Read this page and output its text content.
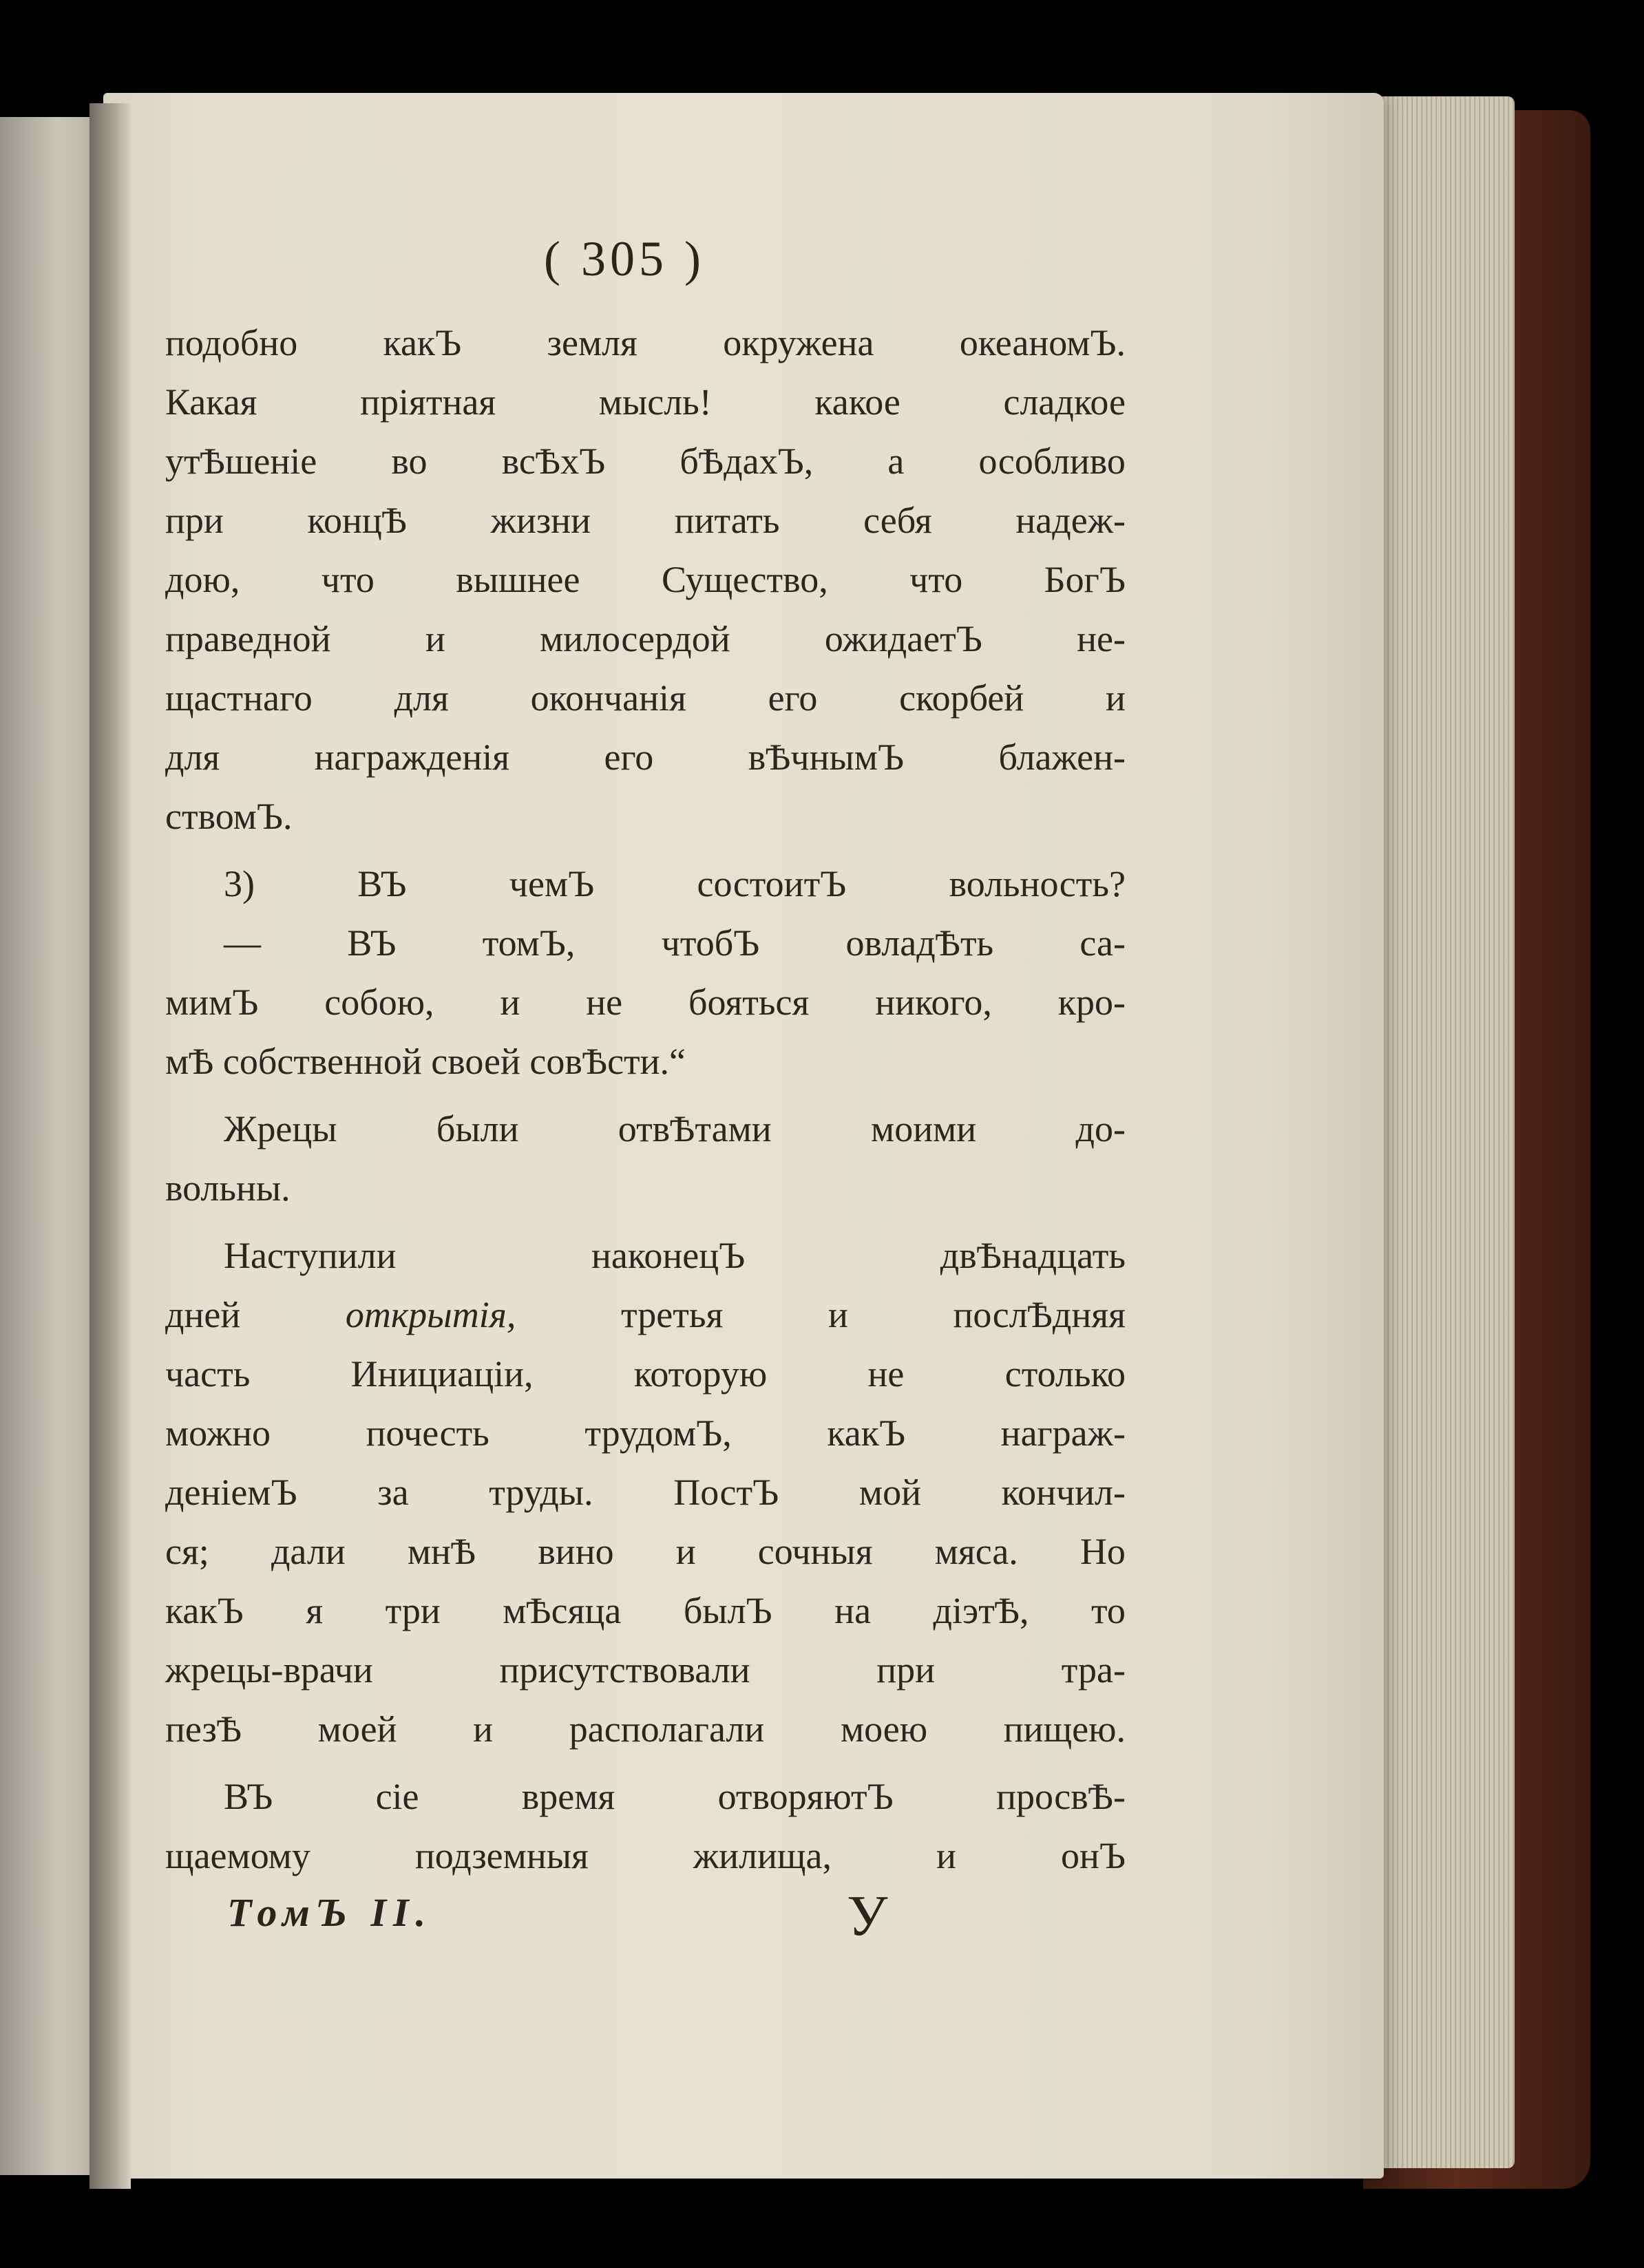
( 305 )
подобно какЪ земля окружена океаномЪ.
Какая	пріятная	мысль!	какое	сладкое
утѢшеніе во всѢхЪ бѢдахЪ, а особливо
при концѢ жизни питать себя надеж-
дою, что вышнее Существо, что БогЪ
праведной	и	милосердой	ожидаетЪ	не-
щастнаго для окончанія его скорбей и
для	награжденія	его	вѢчнымЪ	блажен-
ствомЪ.
3)	ВЪ	чемЪ	состоитЪ	вольность?
— ВЪ томЪ, чтобЪ овладѢть са-
мимЪ собою, и не бояться никого, кро-
мѢ
собственной
своей
совѢсти.“
Жрецы	были	отвѢтами	моими	до-
вольны.
Наступили	наконецЪ	двѢнадцать
дней	открытія,	третья	и	послѢдняя
часть	Инициаціи,	которую	не	столько
можно	почесть	трудомЪ,	какЪ	награж-
деніемЪ за труды. ПостЪ мой кончил-
ся; дали мнѢ вино и сочныя мяса. Но
какЪ я три мѢсяца былЪ на діэтѢ, то
жрецы-врачи	присутствовали	при	тра-
пезѢ моей и располагали моею пищею.
ВЪ	сіе	время	отворяютЪ	просвѢ-
щаемому	подземныя	жилища,	и	онЪ
ТомЪ II.	У
